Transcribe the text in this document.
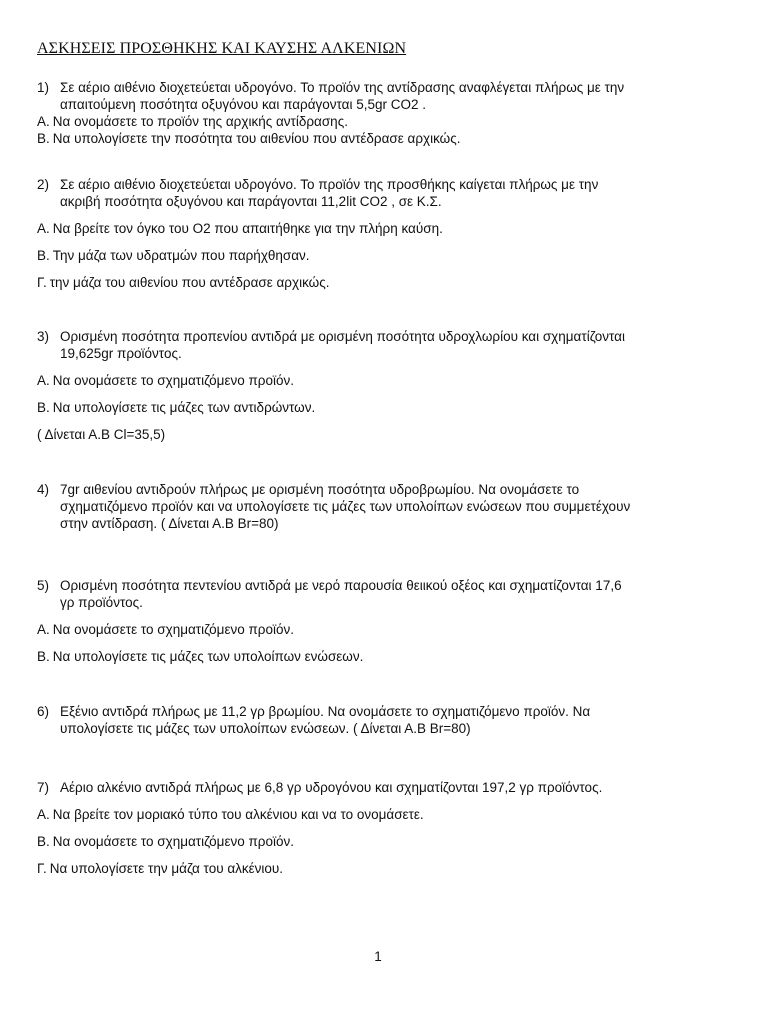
ΑΣΚΗΣΕΙΣ ΠΡΟΣΘΗΚΗΣ ΚΑΙ ΚΑΥΣΗΣ ΑΛΚΕΝΙΩΝ
1) Σε αέριο αιθένιο διοχετεύεται υδρογόνο. Το προϊόν της αντίδρασης αναφλέγεται πλήρως με την

απαιτούμενη ποσότητα οξυγόνου και παράγονται 5,5gr CO2 .

Α. Να ονομάσετε το προϊόν της αρχικής αντίδρασης.

Β. Να υπολογίσετε την ποσότητα του αιθενίου που αντέδρασε αρχικώς.

2) Σε αέριο αιθένιο διοχετεύεται υδρογόνο. Το προϊόν της προσθήκης καίγεται πλήρως με την

ακριβή ποσότητα οξυγόνου και παράγονται 11,2lit CO2 , σε Κ.Σ.

Α. Να βρείτε τον όγκο του Ο2 που απαιτήθηκε για την πλήρη καύση.

Β. Την μάζα των υδρατμών που παρήχθησαν.

Γ. την μάζα του αιθενίου που αντέδρασε αρχικώς.

3) Ορισμένη ποσότητα προπενίου αντιδρά με ορισμένη ποσότητα υδροχλωρίου και σχηματίζονται

19,625gr προϊόντος.

Α. Να ονομάσετε το σχηματιζόμενο προϊόν.

Β. Να υπολογίσετε τις μάζες των αντιδρώντων.

( Δίνεται Α.Β Cl=35,5)

4) 7gr αιθενίου αντιδρούν πλήρως με ορισμένη ποσότητα υδροβρωμίου. Να ονομάσετε το

σχηματιζόμενο προϊόν και να υπολογίσετε τις μάζες των υπολοίπων ενώσεων που συμμετέχουν

στην αντίδραση. ( Δίνεται Α.Β Br=80)

5) Ορισμένη ποσότητα πεντενίου αντιδρά με νερό παρουσία θειικού οξέος και σχηματίζονται 17,6

γρ προϊόντος.

Α. Να ονομάσετε το σχηματιζόμενο προϊόν.

Β. Να υπολογίσετε τις μάζες των υπολοίπων ενώσεων.

6) Εξένιο αντιδρά πλήρως με 11,2 γρ βρωμίου. Να ονομάσετε το σχηματιζόμενο προϊόν. Να

υπολογίσετε τις μάζες των υπολοίπων ενώσεων. ( Δίνεται Α.Β Br=80)

7) Αέριο αλκένιο αντιδρά πλήρως με 6,8 γρ υδρογόνου και σχηματίζονται 197,2 γρ προϊόντος.

Α. Να βρείτε τον μοριακό τύπο του αλκένιου και να το ονομάσετε.

Β. Να ονομάσετε το σχηματιζόμενο προϊόν.

Γ. Να υπολογίσετε την μάζα του αλκένιου.

1
